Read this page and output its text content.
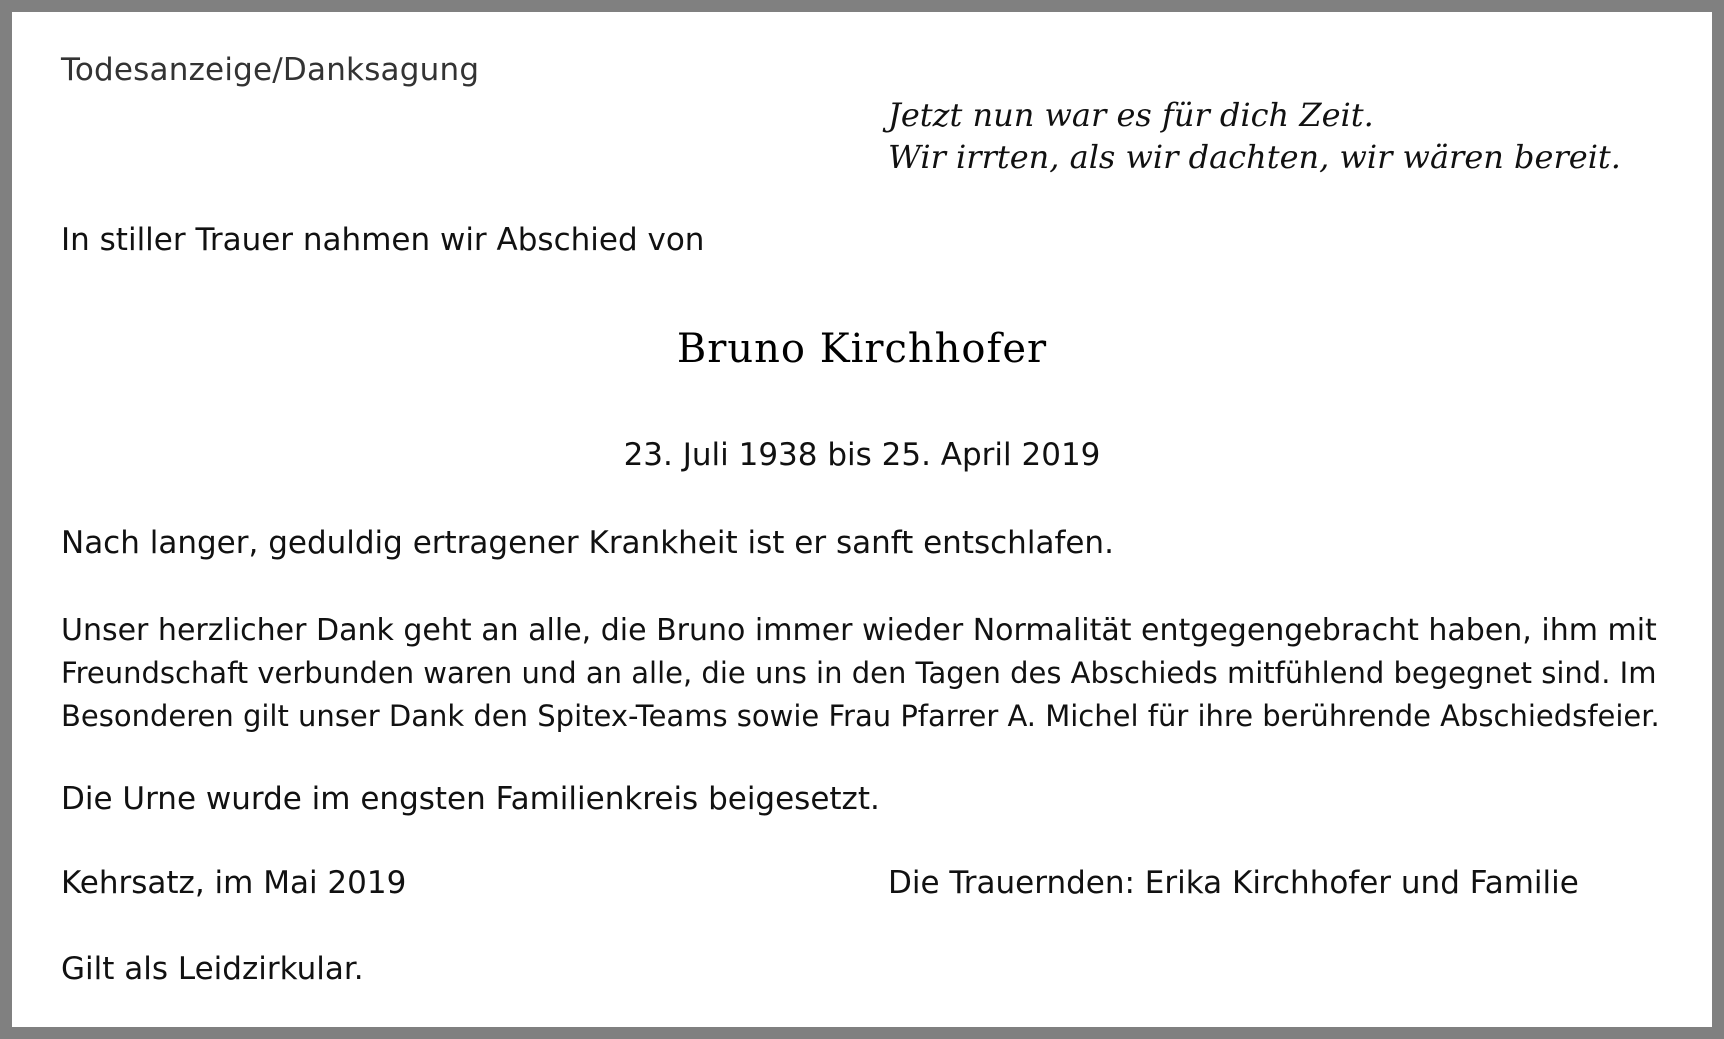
Todesanzeige/Danksagung
Jetzt nun war es für dich Zeit.
Wir irrten, als wir dachten, wir wären bereit.
In stiller Trauer nahmen wir Abschied von
Bruno Kirchhofer
23. Juli 1938 bis 25. April 2019
Nach langer, geduldig ertragener Krankheit ist er sanft entschlafen.
Unser herzlicher Dank geht an alle, die Bruno immer wieder Normalität entgegengebracht haben, ihm mit
Freundschaft verbunden waren und an alle, die uns in den Tagen des Abschieds mitfühlend begegnet sind. Im
Besonderen gilt unser Dank den Spitex-Teams sowie Frau Pfarrer A. Michel für ihre berührende Abschiedsfeier.
Die Urne wurde im engsten Familienkreis beigesetzt.
Kehrsatz, im Mai 2019	Die Trauernden: Erika Kirchhofer und Familie
Gilt als Leidzirkular.
